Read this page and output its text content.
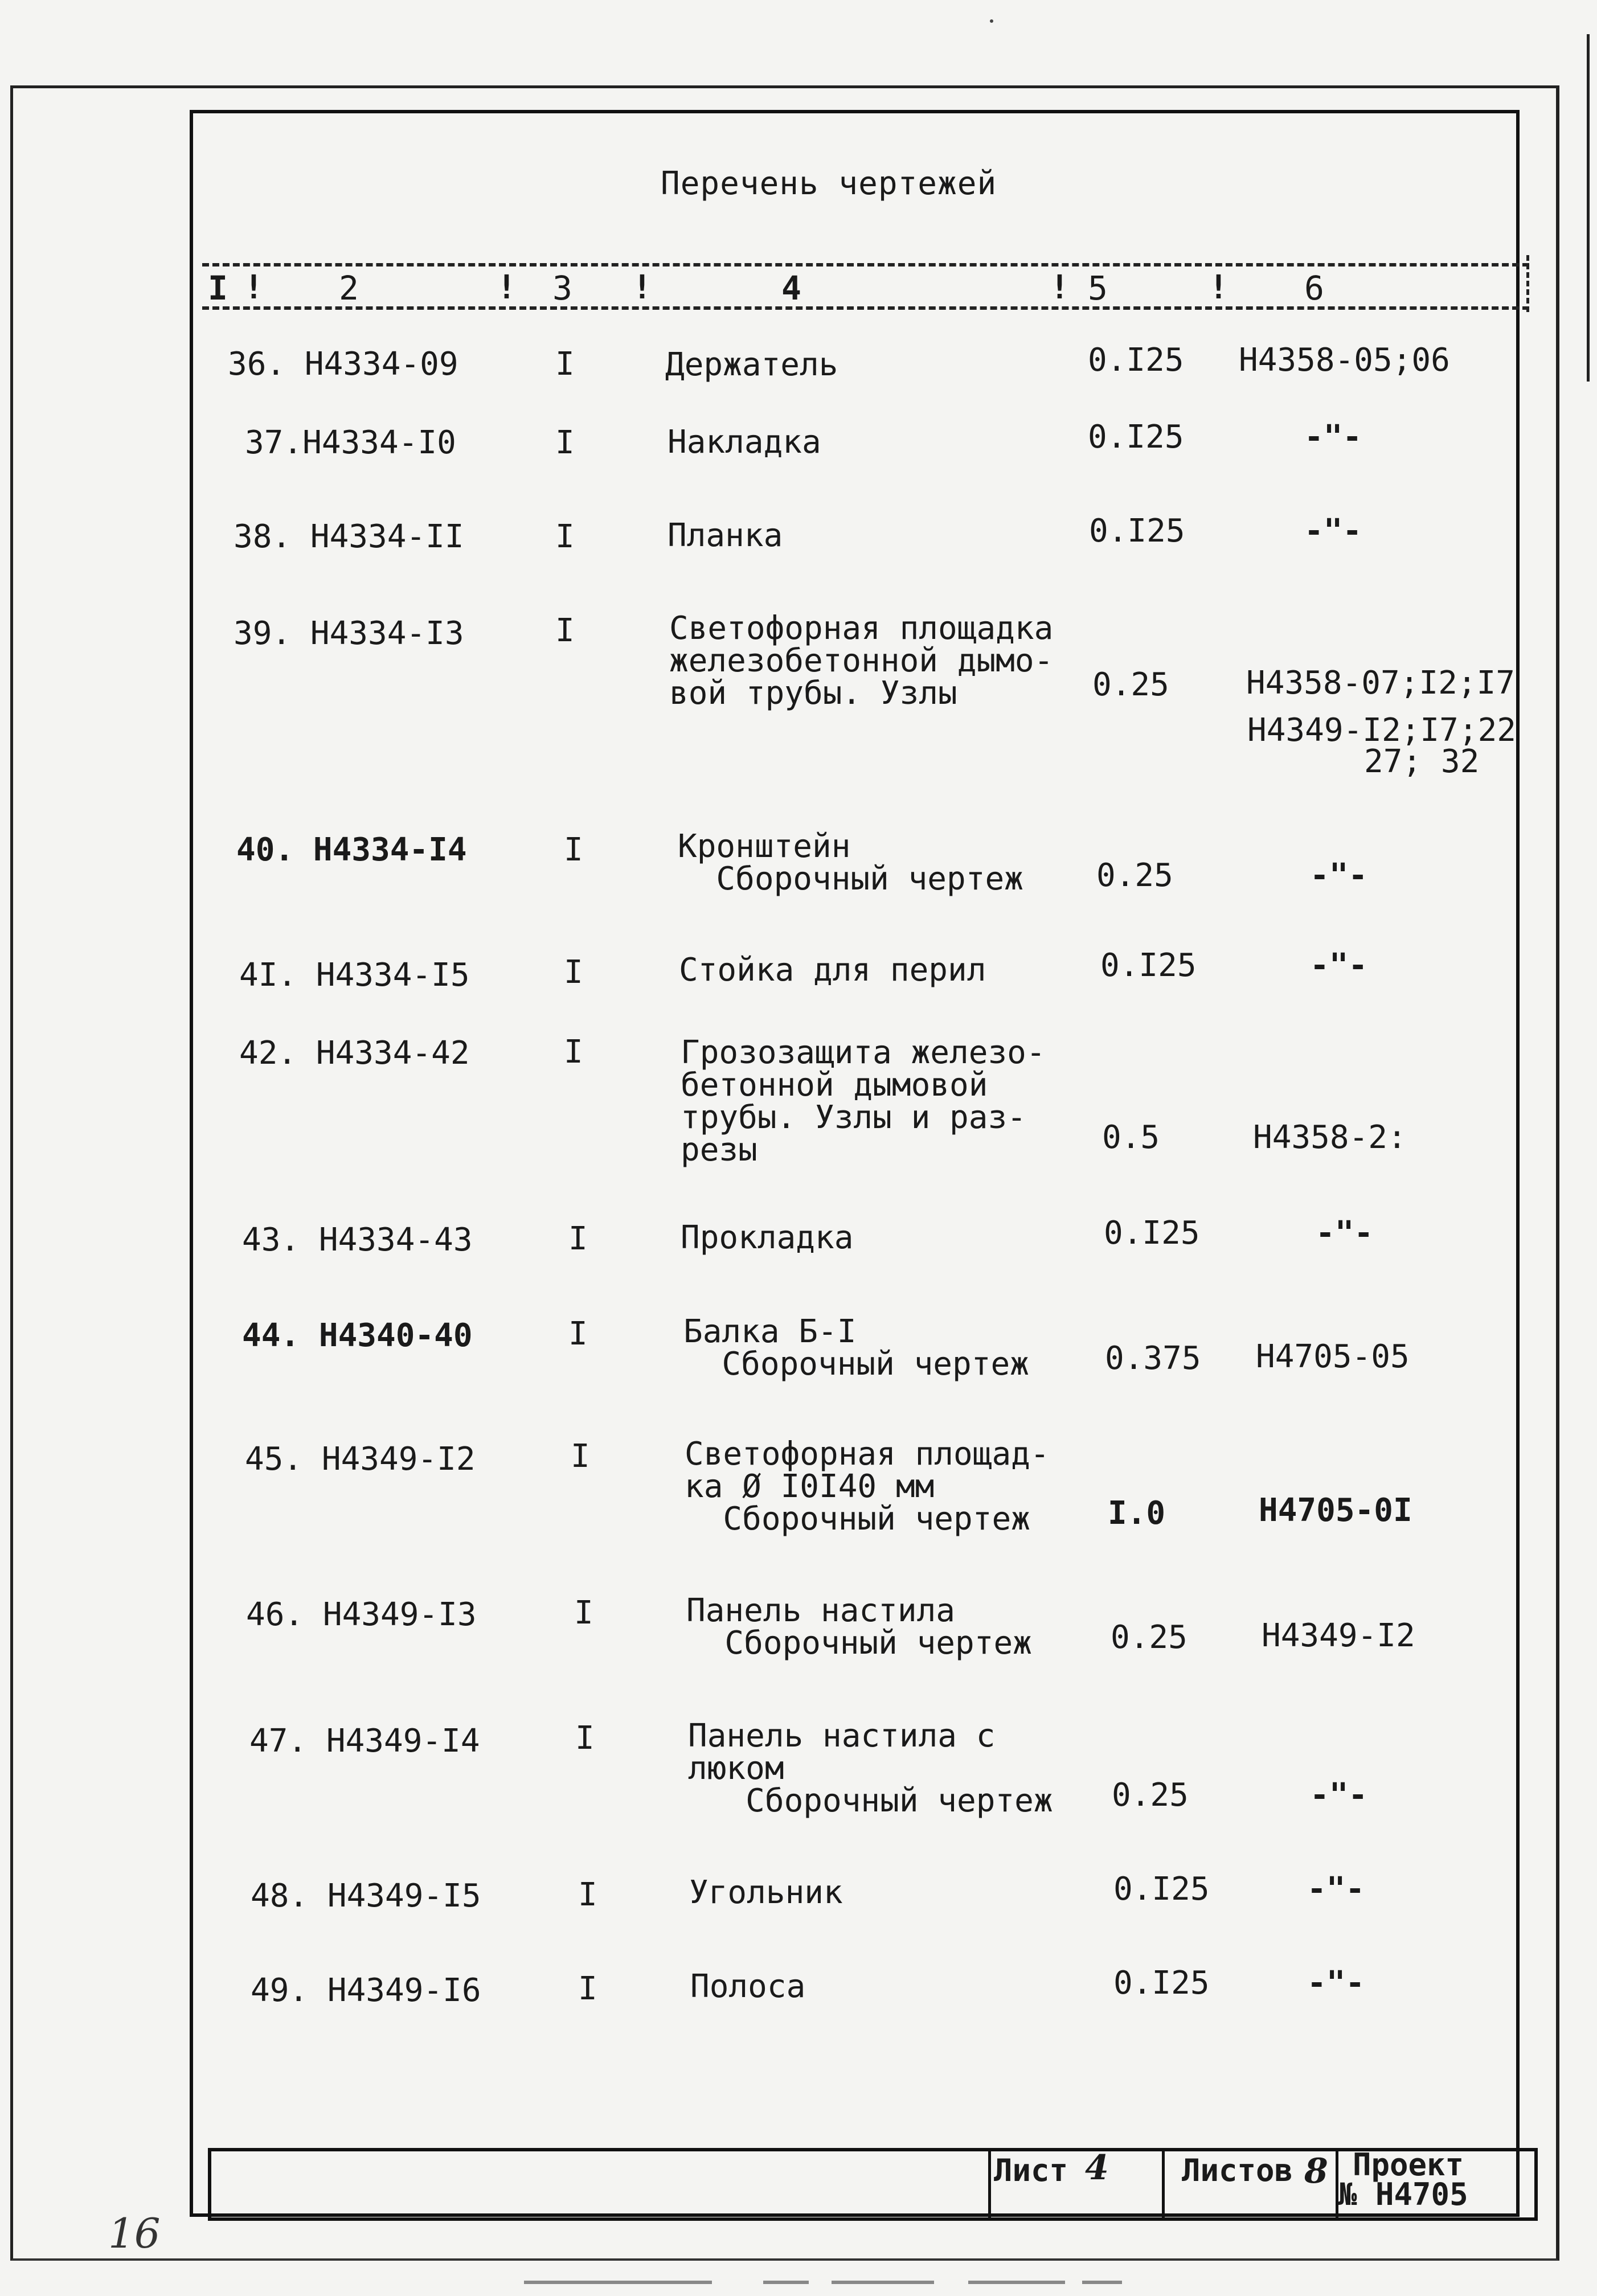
Перечень чертежей
I ! 2	! 3 !	4	! 5	! 6
36. Н4334-09	I	Держатель	0.I25 Н4358-05;06
37.Н4334-I0	I	Накладка	0.I25	-"-
38. Н4334-II	I	Планка	0.I25	-"-
39. Н4334-I3	I	Светофорная площадка
железобетонной дымо-
вой трубы. Узлы	0.25 Н4358-07;I2;I7
Н4349-I2;I7;22
27; 32
40. Н4334-I4	I	Кронштейн
Сборочный чертеж 0.25	-"-
4I. Н4334-I5	I	Стойка для перил	0.I25	-"-
42. Н4334-42	I	Грозозащита железо-
бетонной дымовой
трубы. Узлы и раз-
резы	0.5	Н4358-2:
43. Н4334-43	I	Прокладка	0.I25	-"-
44. Н4340-40	I	Балка Б-I
Сборочный чертеж 0.375 Н4705-05
45. Н4349-I2	I	Светофорная площад-
ка Ø I0I40 мм
Сборочный чертеж	I.0	Н4705-0I
46. Н4349-I3	I	Панель настила
Сборочный чертеж 0.25 Н4349-I2
47. Н4349-I4	I	Панель настила с
люком
Сборочный чертеж 0.25	-"-
48. Н4349-I5	I	Угольник	0.I25	-"-
49. Н4349-I6	I	Полоса	0.I25	-"-
Лист 4 Листов 8 Проект
№ Н4705
16
